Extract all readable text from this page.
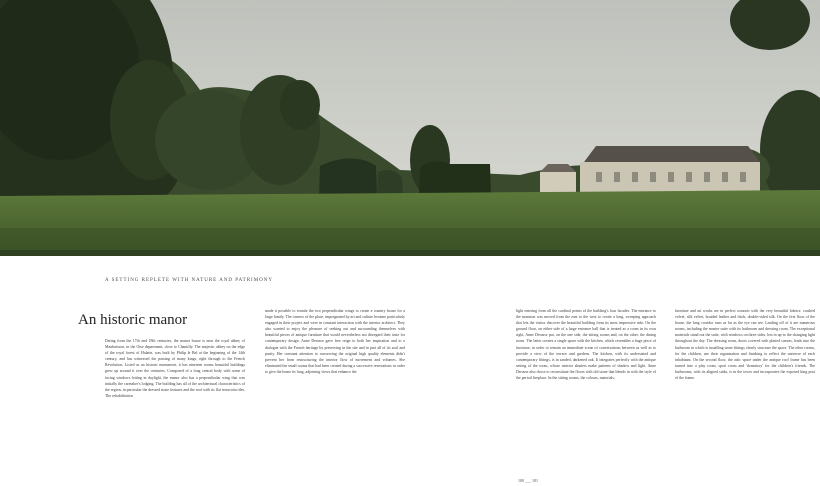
A SETTING REPLETE WITH NATURE AND PATRIMONY
An historic manor

Dating from the 17th and 18th centuries, the manor house is near the royal abbey of Maubuisson, in the Oise department, close to Chantilly. The majestic abbey on the edge of the royal forest of Halatte, was built by Philip le Bel at the beginning of the 14th century, and has witnessed the passing of many kings, right through to the French Revolution. Listed as an historic monument, it has nineteen rooms beautiful buildings grew up around it over the centuries. Composed of a long central body with some of facing windows letting in daylight, the manor also has a perpendicular wing that was initially the caretaker's lodging. The building has all of the architectural characteristics of the region, in particular the dressed stone features and the roof with its flat terracotta tiles. The rehabilitation

made it possible to reunite the two perpendicular wings to create a country house for a large family. The owners of the place, impregnated by art and culture became particularly engaged in their project and were in constant interaction with the interior architect. They also wanted to enjoy the pleasure of seeking out and surrounding themselves with beautiful pieces of antique furniture that would nevertheless not disregard their taste for contemporary design. Anne Derasse gave free reign to both her inspiration and to a dialogue with the French heritage by preserving in the site and in part all of its soul and purity. Her constant attention to conserving the original high quality elements didn't prevent her from restructuring the interior flow of movement and volumes. She eliminated the small rooms that had been created during a successive renovations in order to give the home its long, adjoining views that enhance the

light entering from all the cardinal points of the building's four facades. The entrance to the mansion was moved from the east to the west to create a long, sweeping approach that lets the visitor discover the beautiful building from its most impressive side. On the ground floor, on either side of a large entrance hall that is treated as a room in its own right, Anne Derasse put, on the one side, the sitting rooms and, on the other, the dining room. The latter creates a single space with the kitchen, which resembles a huge piece of furniture, in order to remain an immediate scene of conversations between as well as to provide a view of the terrace and gardens. The kitchen, with its understated and contemporary fittings, is in sanded, darkened oak. It integrates perfectly with the antique setting of the room, whose interior shutters make patterns of shadow and light. Anne Derasse also chose to reconstitute the floors with old stone that blends in with the style of the period fireplace. In the sitting rooms, the colours, materials,

furniture and art works are in perfect osmosis with the very beautiful fabrics: crushed velvet, silk velvet, braided leather and thick, double-sided silk. On the first floor of the house, the long corridor runs as far as the eye can see. Leading off of it are numerous rooms, including the master suite with its bathroom and dressing room. The exceptional materials stand out the suite, with windows on three sides, lets in up-to the changing light throughout the day. The dressing room, doors covered with platted canvas, leads into the bathroom in which is installing stone fittings clearly structure the space. The other rooms, for the children, use their organisation and finishing to reflect the universe of each inhabitant. On the second floor, the attic space under the antique roof frame has been turned into a play room, sport room and 'dormitory' for the children's friends. The bathrooms, with its aligned sinks, is in the tower and incorporates the exposed king post of the frame.

180 ___ 181
